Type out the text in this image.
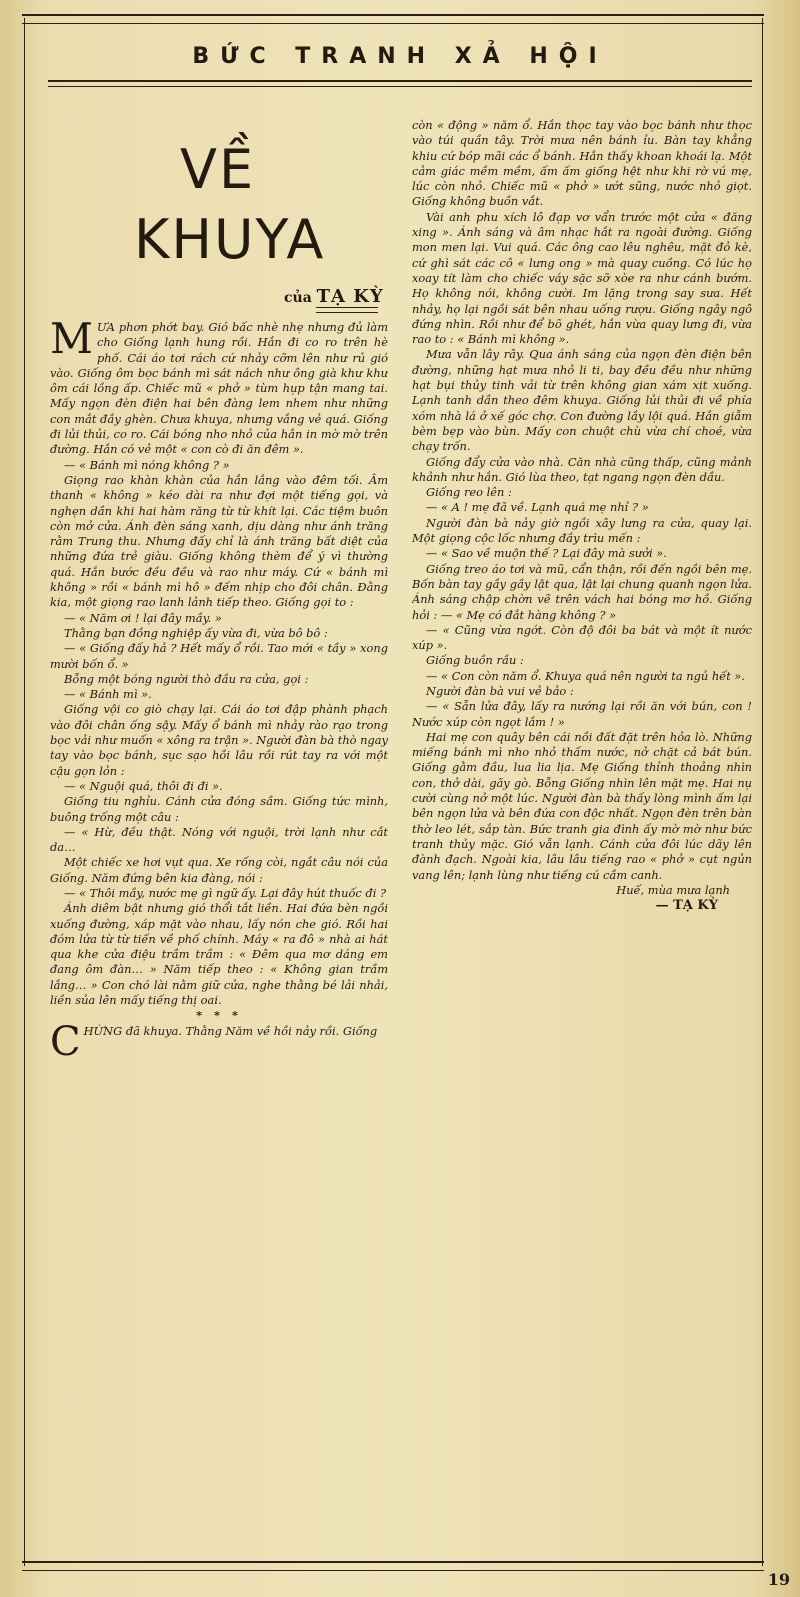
BỨC TRANH XẢ HỘI
VỀ
KHUYA
của TẠ KỲ

MƯA phơn phớt bay. Gió bấc nhè nhẹ nhưng đủ làm cho Giống lạnh hung rồi. Hắn đi co ro trên hè phố. Cái áo tơi rách cứ nhảy cỡm lên như rủ gió vào. Giống ôm bọc bánh mì sát nách như ông già khư khư ôm cái lồng ấp. Chiếc mũ « phở » tùm hụp tận mang tai. Mấy ngọn đèn điện hai bên đàng lem nhem như những con mắt đầy ghèn. Chưa khuya, nhưng vắng vẻ quá. Giống đi lủi thủi, co ro. Cái bóng nho nhỏ của hắn in mờ mờ trên đường. Hắn có vẻ một « con cò đi ăn đêm ».

— « Bánh mì nóng không ? »

Giọng rao khàn khàn của hắn lắng vào đêm tối. Âm thanh « không » kéo dài ra như đợi một tiếng gọi, và nghẹn dần khi hai hàm răng từ từ khít lại. Các tiệm buôn còn mở cửa. Ánh đèn sáng xanh, dịu dàng như ánh trăng rằm Trung thu. Nhưng đấy chỉ là ánh trăng bất diệt của những đứa trẻ giàu. Giống không thèm để ý vì thường quá. Hắn bước đều đều và rao như máy. Cứ « bánh mì không » rồi « bánh mì hô » đếm nhịp cho đôi chân. Đằng kia, một giọng rao lanh lảnh tiếp theo. Giống gọi to :

— « Năm ơi ! lại đây mầy. »

Thằng bạn đồng nghiệp ấy vừa đi, vừa bô bô :

— « Giống đấy hả ? Hết mấy ổ rồi. Tao mới « tầy » xong mười bốn ổ. »

Bỗng một bóng người thò đầu ra cửa, gọi :

— « Bánh mì ».

Giống vội co giò chạy lại. Cái áo tơi đập phành phạch vào đôi chân ống sậy. Mấy ổ bánh mì nhảy rào rạo trong bọc vải như muốn « xông ra trận ». Người đàn bà thò ngay tay vào bọc bánh, sục sạo hồi lâu rồi rút tay ra với một cậu gọn lỏn :

— « Nguội quá, thôi đi đi ».

Giống tiu nghỉu. Cánh cửa đóng sầm. Giống tức mình, buông trống một câu :

— « Hừ, đều thật. Nóng với nguội, trời lạnh như cắt da…

Một chiếc xe hơi vụt qua. Xe rống còi, ngắt câu nói của Giống. Năm đứng bên kia đàng, nói :

— « Thôi mầy, nước mẹ gì ngữ ấy. Lại đây hút thuốc đi ?

Ánh diêm bật nhưng gió thổi tắt liền. Hai đứa bèn ngồi xuống đường, xáp mặt vào nhau, lấy nón che gió. Rồi hai đóm lửa từ từ tiến về phố chính. Máy « ra đô » nhà ai hát qua khe cửa điệu trầm trầm : « Đêm qua mơ dáng em đang ôm đàn… » Năm tiếp theo : « Không gian trầm lắng… » Con chó lài nằm giữ cửa, nghe thằng bé lải nhải, liền sủa lên mấy tiếng thị oai.

* * *

CHỪNG đã khuya. Thằng Năm về hồi nảy rồi. Giống

còn « động » năm ổ. Hắn thọc tay vào bọc bánh như thọc vào túi quần tây. Trời mưa nên bánh ỉu. Bàn tay khẳng khiu cứ bóp mãi các ổ bánh. Hắn thấy khoan khoái lạ. Một cảm giác mềm mềm, ấm ấm giống hệt như khi rờ vú mẹ, lúc còn nhỏ. Chiếc mũ « phở » ướt sũng, nước nhỏ giọt. Giống không buồn vắt.

Vài anh phu xích lô đạp vơ vẩn trước một cửa « đăng xing ». Ánh sáng và âm nhạc hắt ra ngoài đường. Giống mon men lại. Vui quá. Các ông cao lêu nghêu, mặt đỏ kè, cứ ghì sát các cô « lưng ong » mà quay cuồng. Có lúc họ xoay tít làm cho chiếc váy sặc sỡ xòe ra như cánh bướm. Họ không nói, không cười. Im lặng trong say sưa. Hết nhảy, họ lại ngồi sát bên nhau uống rượu. Giống ngây ngô đứng nhìn. Rồi như để bõ ghét, hắn vừa quay lưng đi, vừa rao to : « Bánh mì không ».

Mưa vẫn lây rây. Qua ánh sáng của ngọn đèn điện bên đường, những hạt mưa nhỏ li ti, bay đều đều như những hạt bụi thủy tinh vải từ trên không gian xám xịt xuống. Lạnh tanh dần theo đêm khuya. Giống lủi thủi đi về phía xóm nhà lá ở xế góc chợ. Con đường lầy lội quá. Hắn giẫm bèm bẹp vào bùn. Mấy con chuột chù vừa chí choé, vừa chạy trốn.

Giống đẩy cửa vào nhà. Căn nhà cũng thấp, cũng mảnh khảnh như hắn. Gió lùa theo, tạt ngang ngọn đèn dầu.

Giống reo lên :

— « A ! mẹ đã về. Lạnh quá mẹ nhỉ ? »

Người đàn bà nảy giờ ngồi xây lưng ra cửa, quay lại. Một giọng cộc lốc nhưng đầy trìu mến :

— « Sao về muộn thế ? Lại đây mà sưởi ».

Giống treo áo tơi và mũ, cẩn thận, rồi đến ngồi bên mẹ. Bốn bàn tay gầy gầy lật qua, lật lại chung quanh ngọn lửa. Ánh sáng chập chờn vẽ trên vách hai bóng mơ hồ. Giống hỏi : — « Mẹ có đắt hàng không ? »

— « Cũng vừa ngớt. Còn độ đôi ba bát và một ít nước xúp ».

Giống buồn rầu :

— « Con còn năm ổ. Khuya quá nên người ta ngủ hết ».

Người đàn bà vui vẻ bảo :

— « Sẵn lửa đây, lấy ra nướng lại rồi ăn với bún, con ! Nước xúp còn ngọt lắm ! »

Hai mẹ con quây bên cái nồi đất đặt trên hỏa lò. Những miếng bánh mì nho nhỏ thấm nước, nở chặt cả bát bún. Giống gằm đầu, lua lia lịa. Mẹ Giống thỉnh thoảng nhìn con, thở dài, gãy gò. Bỗng Giống nhìn lên mặt mẹ. Hai nụ cười cùng nở một lúc. Người đàn bà thấy lòng mình ấm lại bên ngọn lửa và bên đứa con độc nhất. Ngọn đèn trên bàn thờ leo lét, sắp tàn. Bức tranh gia đình ấy mờ mờ như bức tranh thủy mặc. Gió vẫn lạnh. Cánh cửa đôi lúc dãy lên đành đạch. Ngoài kia, lâu lâu tiếng rao « phở » cụt ngủn vang lên; lạnh lùng như tiếng cú cầm canh.

Huế, mùa mưa lạnh

— TẠ KỲ

19
